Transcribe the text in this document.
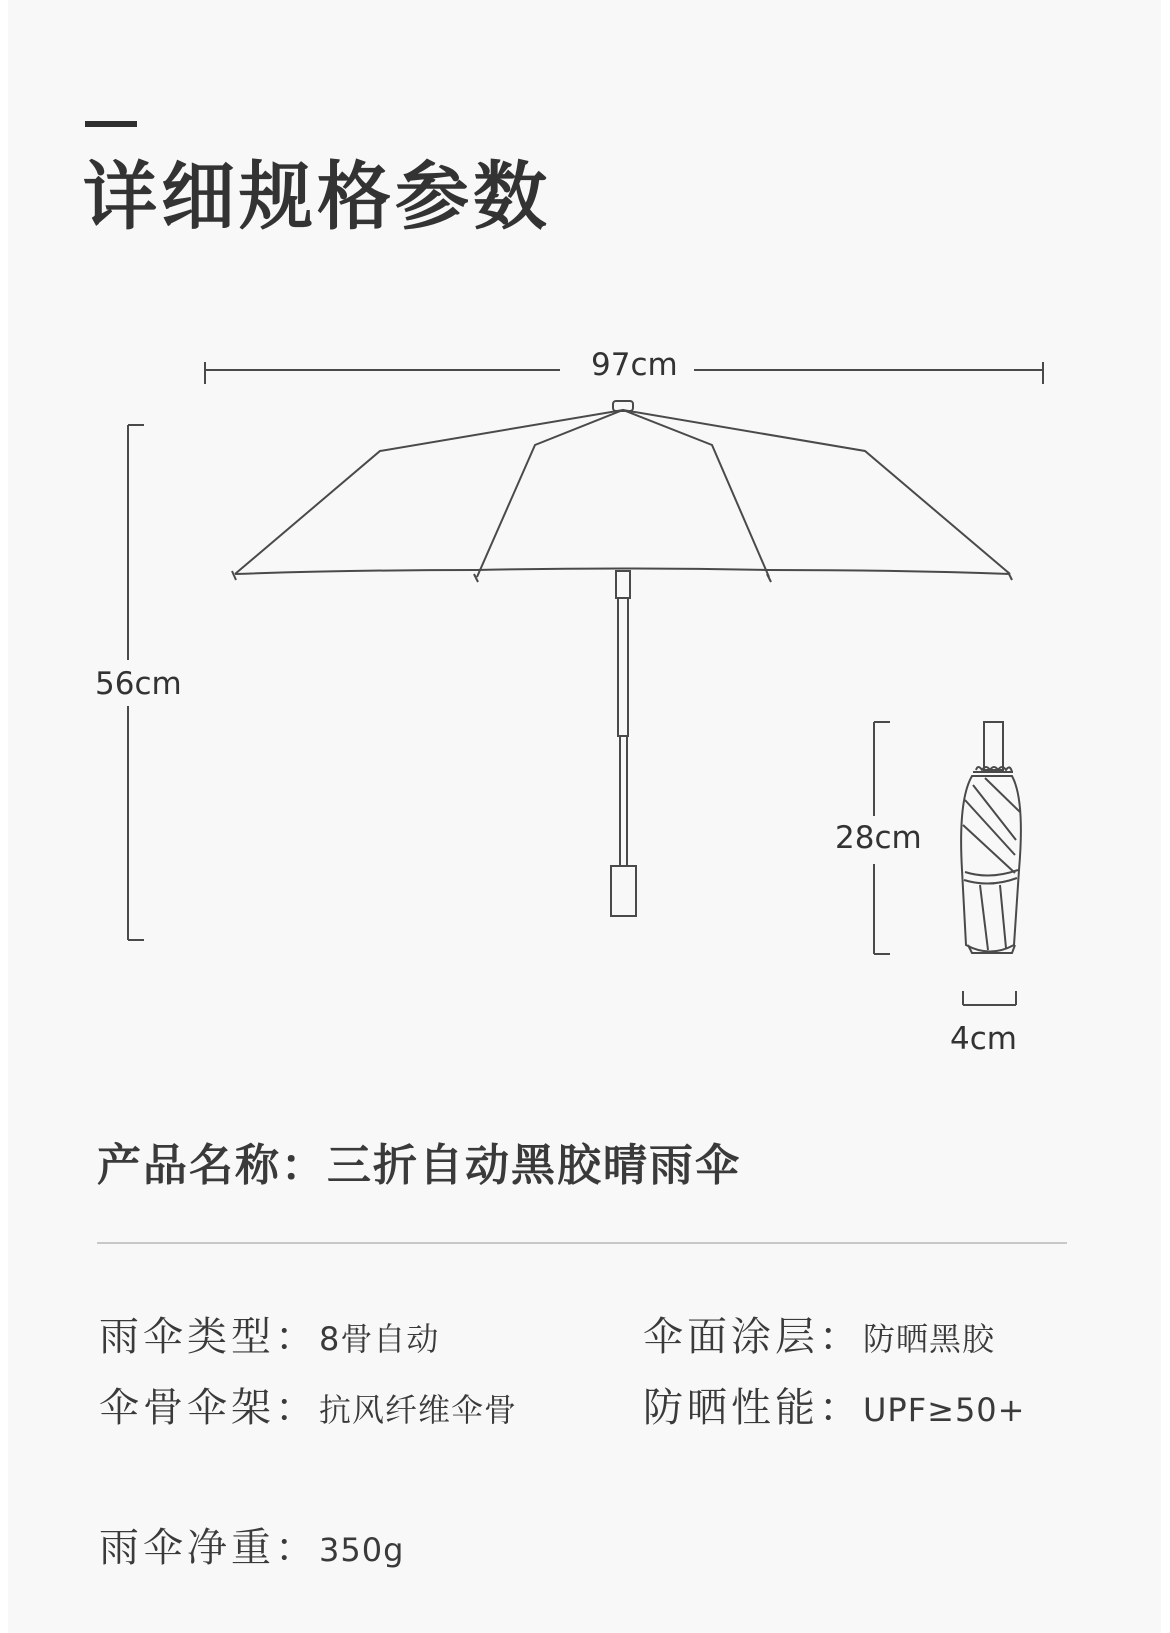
详细规格参数
97cm
56cm
28cm
4cm
产品名称：三折自动黑胶晴雨伞
雨伞类型：8骨自动	伞面涂层：防晒黑胶
伞骨伞架：抗风纤维伞骨	防晒性能：UPF≥50+
雨伞净重：350g
